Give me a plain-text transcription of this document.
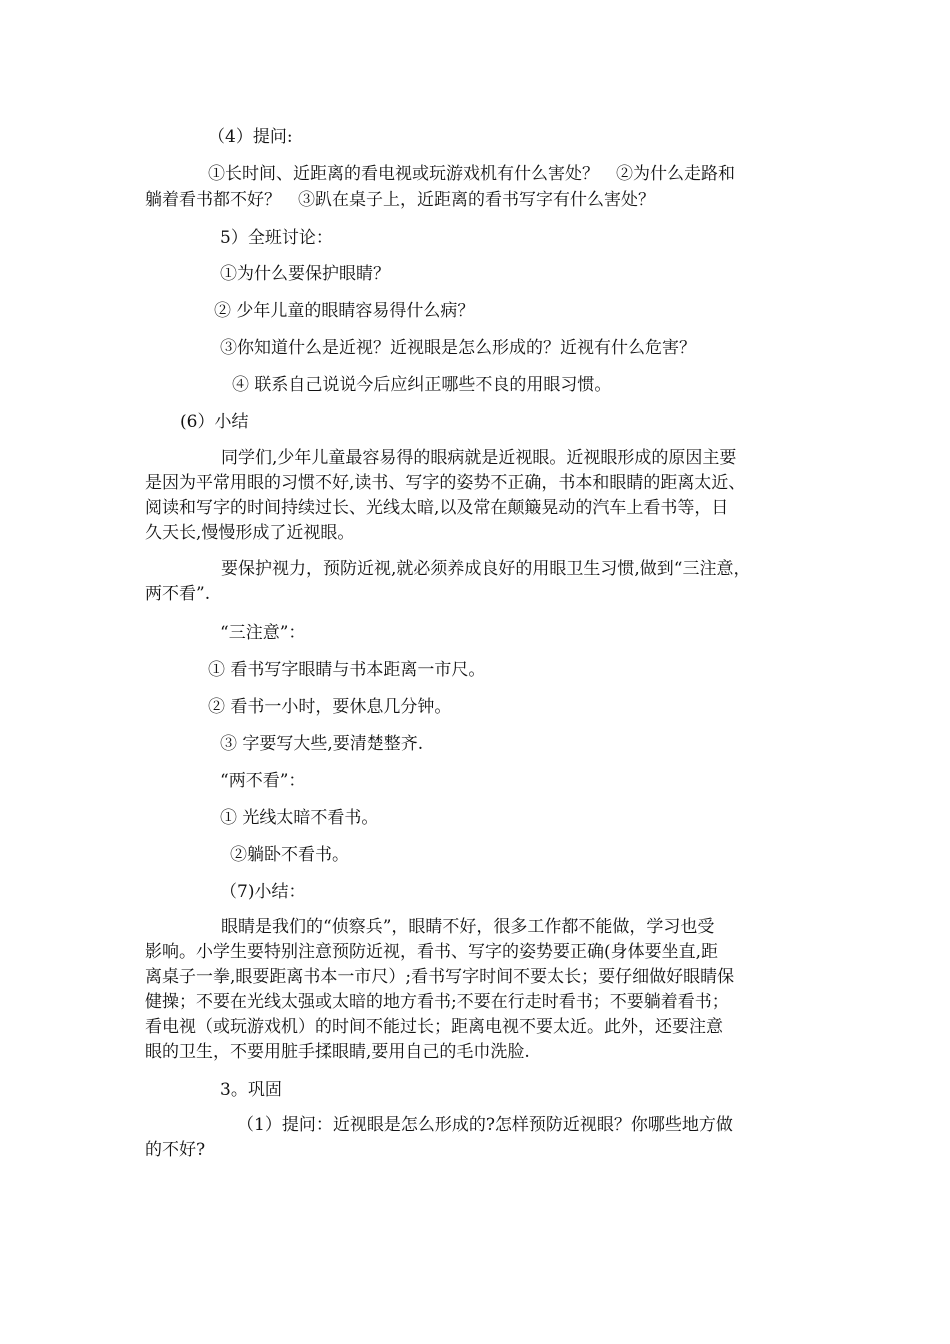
（4）提问:
①长时间、近距离的看电视或玩游戏机有什么害处？　②为什么走路和
躺着看书都不好？　③趴在桌子上，近距离的看书写字有什么害处？
5）全班讨论：
①为什么要保护眼睛？
② 少年儿童的眼睛容易得什么病？
③你知道什么是近视？近视眼是怎么形成的？近视有什么危害？
④ 联系自己说说今后应纠正哪些不良的用眼习惯。
(6）小结

同学们,少年儿童最容易得的眼病就是近视眼。近视眼形成的原因主要

是因为平常用眼的习惯不好,读书、写字的姿势不正确，书本和眼睛的距离太近、

阅读和写字的时间持续过长、光线太暗,以及常在颠簸晃动的汽车上看书等，日

久天长,慢慢形成了近视眼。

要保护视力，预防近视,就必须养成良好的用眼卫生习惯,做到“三注意，

两不看”.

“三注意”：
① 看书写字眼睛与书本距离一市尺。
② 看书一小时，要休息几分钟。
③ 字要写大些,要清楚整齐.
“两不看”：
① 光线太暗不看书。
②躺卧不看书。
（7)小结：

眼睛是我们的“侦察兵”，眼睛不好，很多工作都不能做，学习也受

影响。小学生要特别注意预防近视，看书、写字的姿势要正确(身体要坐直,距

离桌子一拳,眼要距离书本一市尺）;看书写字时间不要太长；要仔细做好眼睛保

健操；不要在光线太强或太暗的地方看书;不要在行走时看书；不要躺着看书；

看电视（或玩游戏机）的时间不能过长；距离电视不要太近。此外，还要注意

眼的卫生，不要用脏手揉眼睛,要用自己的毛巾洗脸.

3。巩固

（1）提问：近视眼是怎么形成的?怎样预防近视眼？你哪些地方做

的不好?
